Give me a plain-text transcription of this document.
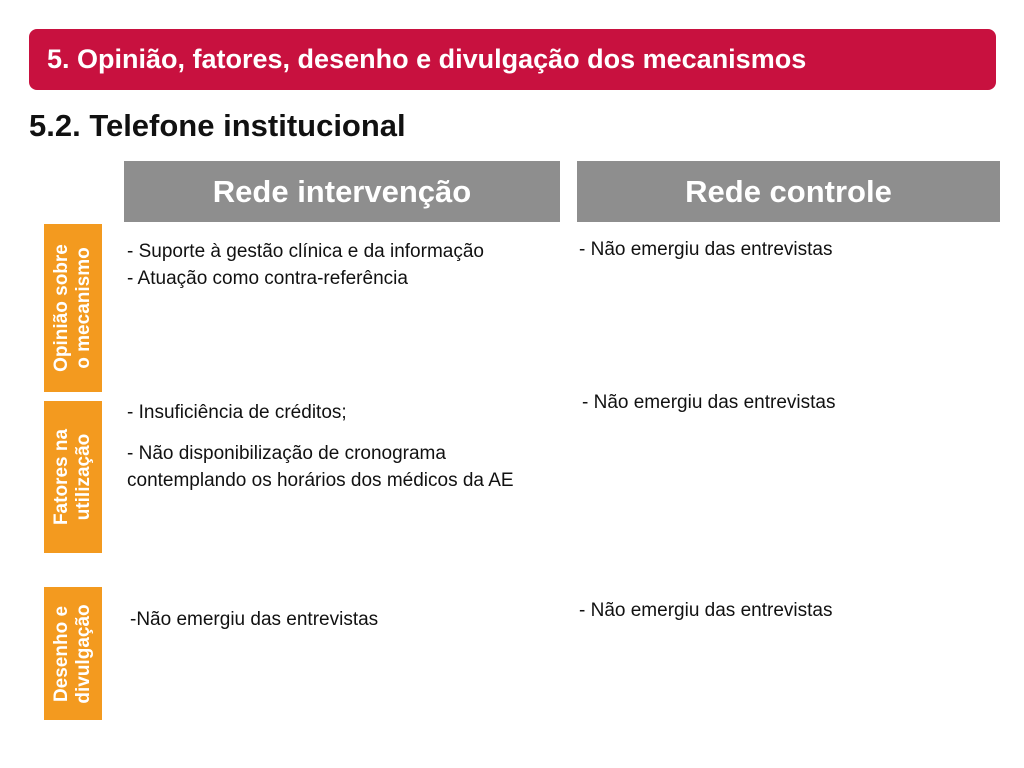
5. Opinião, fatores, desenho e divulgação dos mecanismos
5.2. Telefone institucional
Rede intervenção	Rede controle
Opinião sobre o mecanismo - Suporte à gestão clínica e da informação

- Atuação como contra-referência

- Não emergiu das entrevistas

Fatores na utilização

- Insuficiência de créditos;

- Não disponibilização de cronograma contemplando os horários dos médicos da AE

- Não emergiu das entrevistas

Desenho e divulgação -Não emergiu das entrevistas	- Não emergiu das entrevistas
